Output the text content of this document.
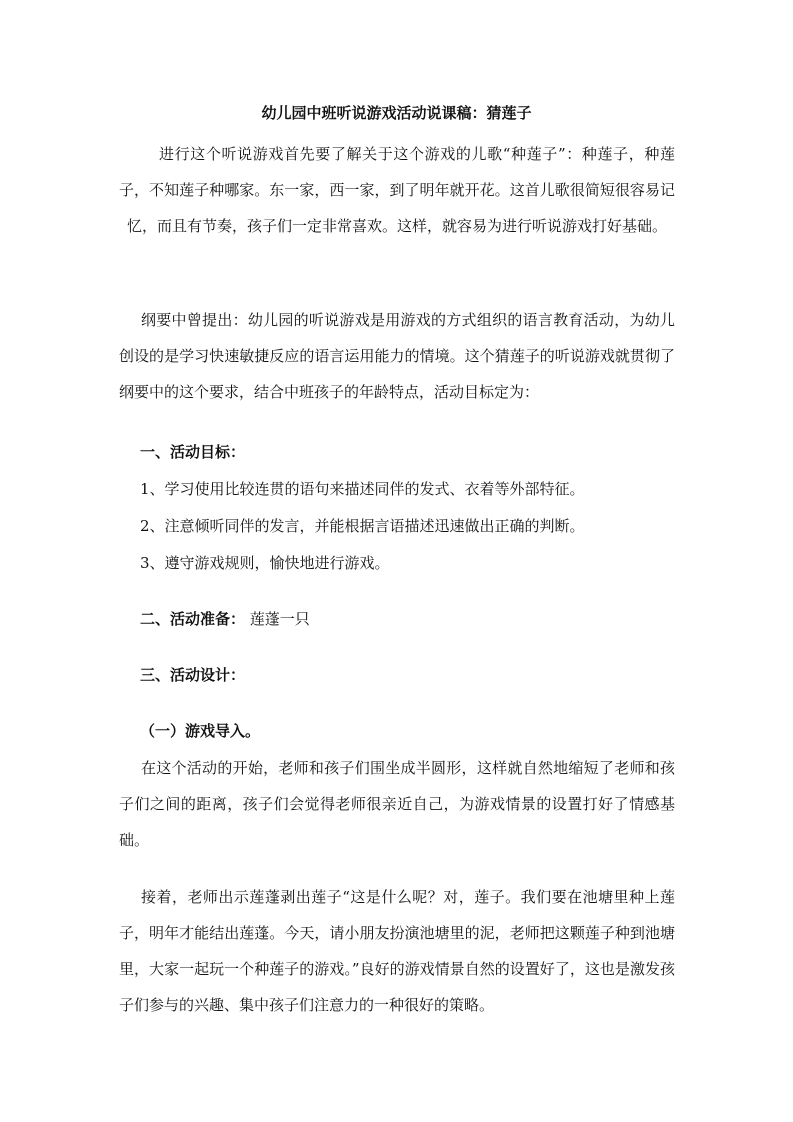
幼儿园中班听说游戏活动说课稿：猜莲子

进行这个听说游戏首先要了解关于这个游戏的儿歌“种莲子”：种莲子，种莲子，不知莲子种哪家。东一家，西一家，到了明年就开花。这首儿歌很简短很容易记忆，而且有节奏，孩子们一定非常喜欢。这样，就容易为进行听说游戏打好基础。

纲要中曾提出：幼儿园的听说游戏是用游戏的方式组织的语言教育活动，为幼儿创设的是学习快速敏捷反应的语言运用能力的情境。这个猜莲子的听说游戏就贯彻了纲要中的这个要求，结合中班孩子的年龄特点，活动目标定为：

一、活动目标：

1、学习使用比较连贯的语句来描述同伴的发式、衣着等外部特征。

2、注意倾听同伴的发言，并能根据言语描述迅速做出正确的判断。

3、遵守游戏规则，愉快地进行游戏。

二、活动准备： 莲蓬一只

三、活动设计：

（一）游戏导入。

在这个活动的开始，老师和孩子们围坐成半圆形，这样就自然地缩短了老师和孩子们之间的距离，孩子们会觉得老师很亲近自己，为游戏情景的设置打好了情感基础。

接着，老师出示莲蓬剥出莲子“这是什么呢？对，莲子。我们要在池塘里种上莲子，明年才能结出莲蓬。今天，请小朋友扮演池塘里的泥，老师把这颗莲子种到池塘里，大家一起玩一个种莲子的游戏。”良好的游戏情景自然的设置好了，这也是激发孩子们参与的兴趣、集中孩子们注意力的一种很好的策略。
